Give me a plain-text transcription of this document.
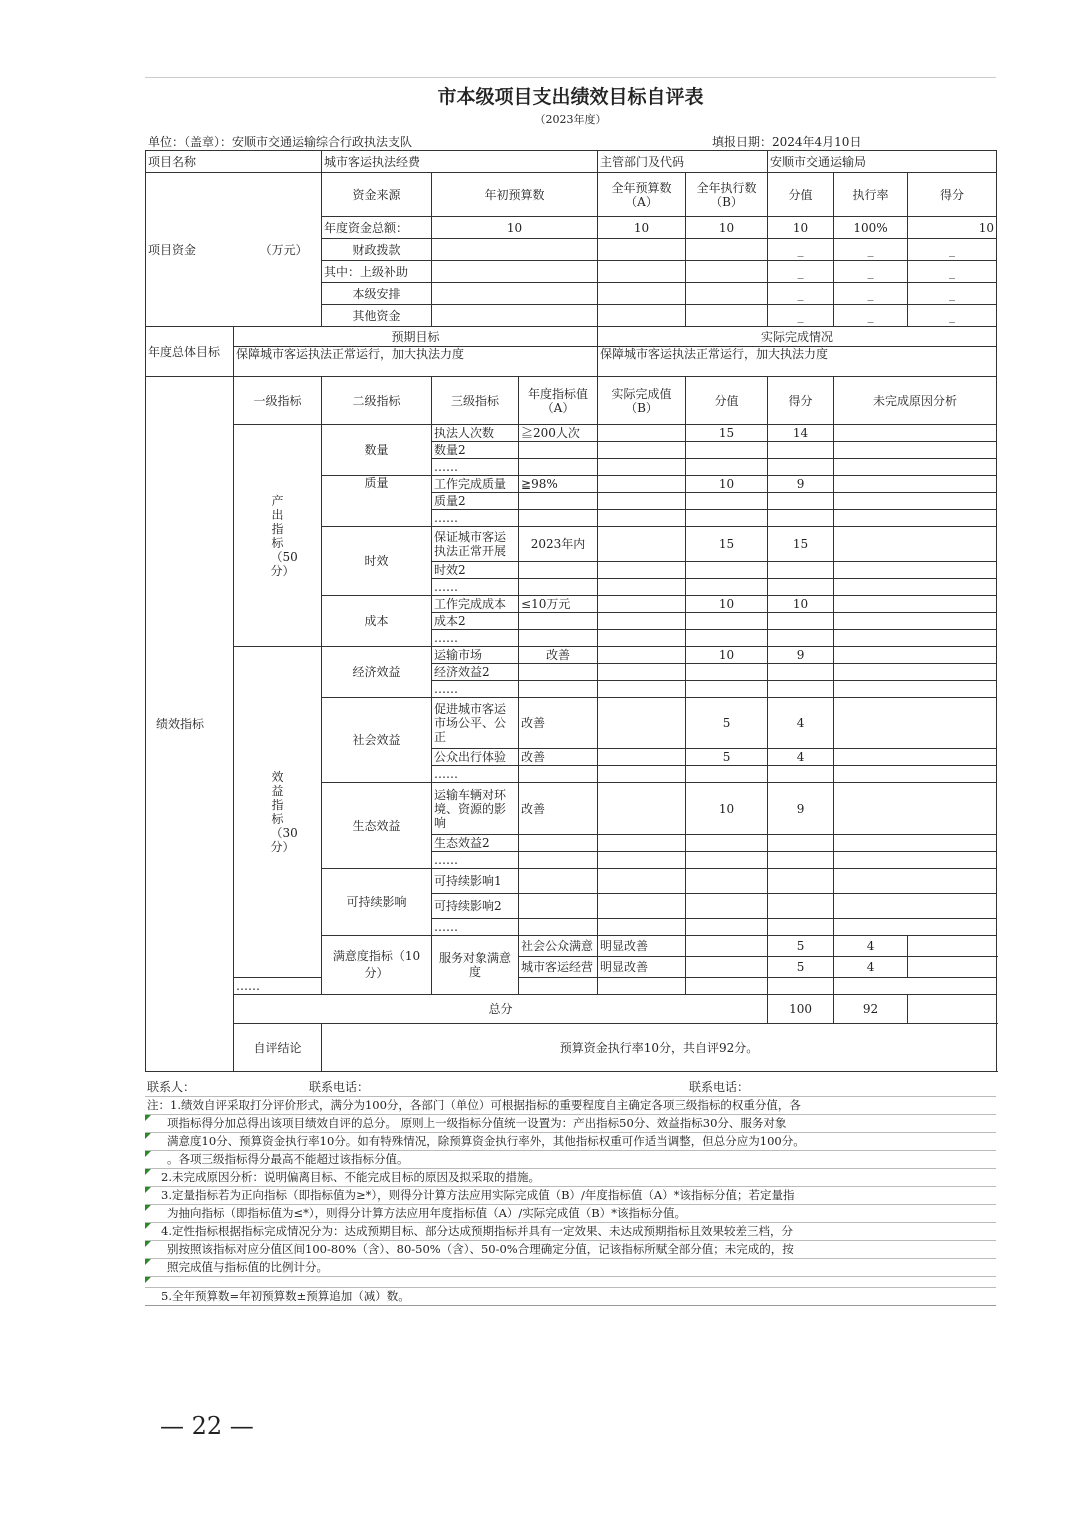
市本级项目支出绩效目标自评表
（2023年度）
单位：（盖章）：安顺市交通运输综合行政执法支队	填报日期：2024年4月10日
项目名称		城市客运执法经费			主管部门及代码		安顺市交通运输局		
项目资金 （万元）		资金来源	年初预算数		全年预算数（A）	全年执行数（B）	分值	执行率	得分
		年度资金总额：	10		10	10	10	100%	10
		财政拨款					_	_	_
		其中：上级补助					_	_	_
		本级安排					_	_	_
		其他资金					_	_	_
年度总体目标	预期目标				实际完成情况				
	保障城市客运执法正常运行，加大执法力度				保障城市客运执法正常运行，加大执法力度				

绩效指标	一级指标	二级指标	三级指标	年度指标值（A）	实际完成值（B）	分值	得分	未完成原因分析	

	产出指标（50分）	数量	执法人次数	≧200人次		15	14		
			数量2						
			……						
		质量	工作完成质量	≧98%		10	9		
			质量2						
			……						
		时效	保证城市客运执法正常开展	2023年内		15	15		
			时效2						
			……						
		成本	工作完成成本	≤10万元		10	10		
			成本2						
			……						

	效益指标（30分）	经济效益	运输市场	改善		10	9		
			经济效益2						
			……						
		社会效益	促进城市客运市场公平、公正	改善		5	4		
			公众出行体验	改善		5	4		
			……						
		生态效益	运输车辆对环境、资源的影响	改善		10	9		
			生态效益2						
			……						
		可持续影响	可持续影响1						
			可持续影响2						
			……						
		满意度指标（10分）	服务对象满意度	社会公众满意	明显改善		5	4	
				城市客运经营	明显改善		5	4	
	……								
	总分						100	92	
	自评结论	预算资金执行率10分，共自评92分。							
联系人：	联系电话：	联系电话：
注：1.绩效自评采取打分评价形式，满分为100分，各部门（单位）可根据指标的重要程度自主确定各项三级指标的权重分值，各
项指标得分加总得出该项目绩效自评的总分。 原则上一级指标分值统一设置为：产出指标50分、效益指标30分、服务对象
满意度10分、预算资金执行率10分。如有特殊情况，除预算资金执行率外，其他指标权重可作适当调整，但总分应为100分。
。各项三级指标得分最高不能超过该指标分值。
2.未完成原因分析：说明偏离目标、不能完成目标的原因及拟采取的措施。
3.定量指标若为正向指标（即指标值为≥*），则得分计算方法应用实际完成值（B）/年度指标值（A）*该指标分值；若定量指
为抽向指标（即指标值为≤*），则得分计算方法应用年度指标值（A）/实际完成值（B）*该指标分值。
4.定性指标根据指标完成情况分为：达成预期目标、部分达成预期指标并具有一定效果、未达成预期指标且效果较差三档，分
别按照该指标对应分值区间100-80%（含）、80-50%（含）、50-0%合理确定分值，记该指标所赋全部分值；未完成的，按
照完成值与指标值的比例计分。
5.全年预算数=年初预算数±预算追加（减）数。
— 22 —
